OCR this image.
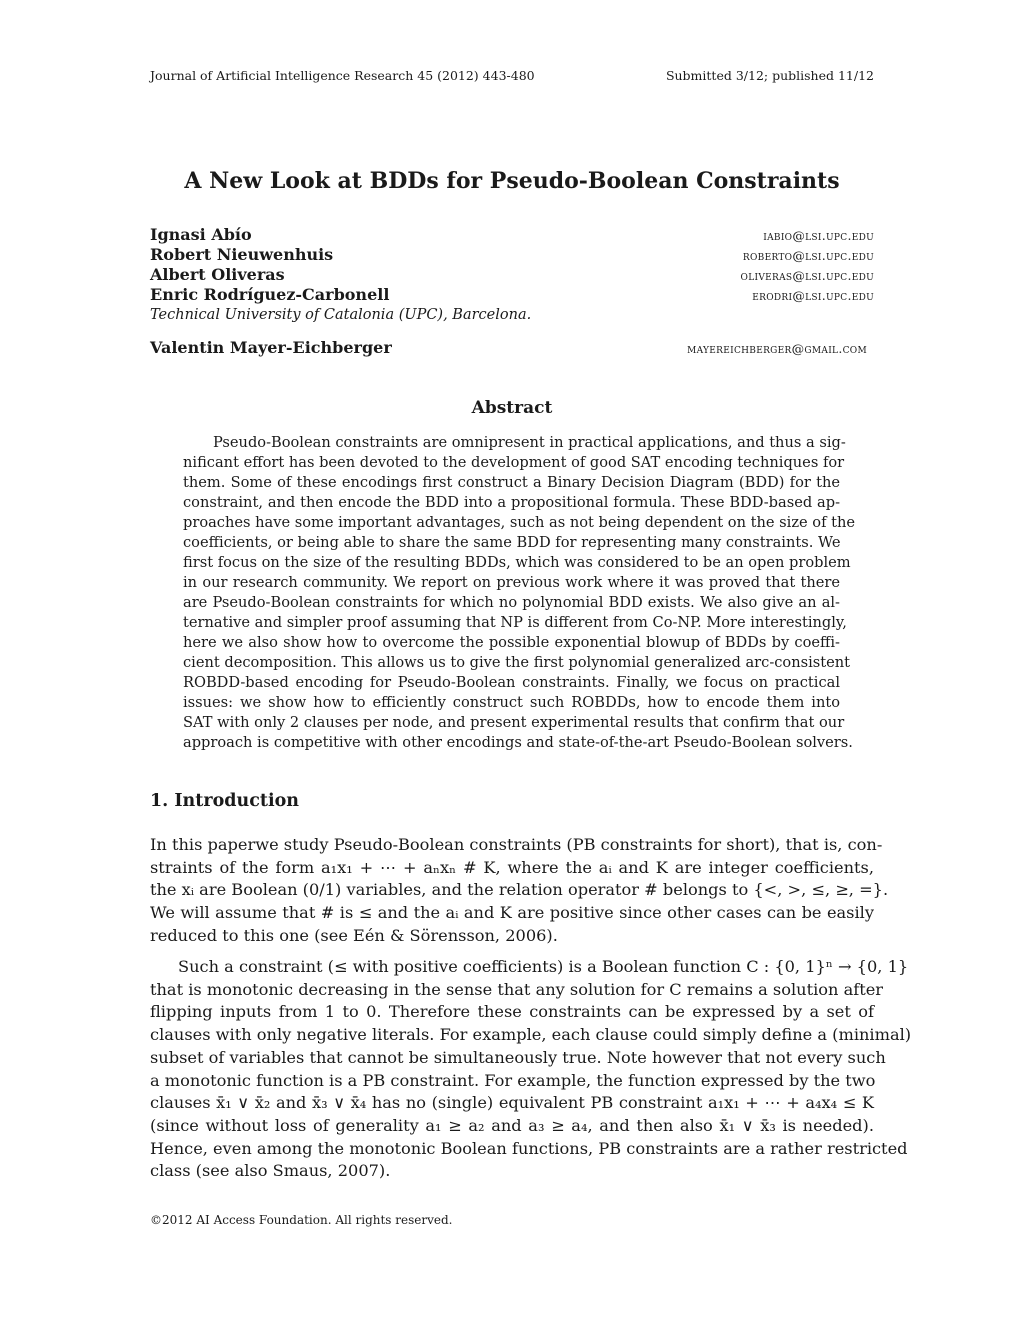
Journal of Artificial Intelligence Research 45 (2012) 443-480	Submitted 3/12; published 11/12
A New Look at BDDs for Pseudo-Boolean Constraints
Ignasi Abío	iabio@lsi.upc.edu
Robert Nieuwenhuis	roberto@lsi.upc.edu
Albert Oliveras	oliveras@lsi.upc.edu
Enric Rodríguez-Carbonell	erodri@lsi.upc.edu
Technical University of Catalonia (UPC), Barcelona.
Valentin Mayer-Eichberger	mayereichberger@gmail.com
Abstract
Pseudo-Boolean constraints are omnipresent in practical applications, and thus a sig-
nificant effort has been devoted to the development of good SAT encoding techniques for
them. Some of these encodings first construct a Binary Decision Diagram (BDD) for the
constraint, and then encode the BDD into a propositional formula. These BDD-based ap-
proaches have some important advantages, such as not being dependent on the size of the
coefficients, or being able to share the same BDD for representing many constraints. We
first focus on the size of the resulting BDDs, which was considered to be an open problem
in our research community. We report on previous work where it was proved that there
are Pseudo-Boolean constraints for which no polynomial BDD exists. We also give an al-
ternative and simpler proof assuming that NP is different from Co-NP. More interestingly,
here we also show how to overcome the possible exponential blowup of BDDs by coeffi-
cient decomposition. This allows us to give the first polynomial generalized arc-consistent
ROBDD-based encoding for Pseudo-Boolean constraints. Finally, we focus on practical
issues: we show how to efficiently construct such ROBDDs, how to encode them into
SAT with only 2 clauses per node, and present experimental results that confirm that our
approach is competitive with other encodings and state-of-the-art Pseudo-Boolean solvers.
1. Introduction
In this paperwe study Pseudo-Boolean constraints (PB constraints for short), that is, con-
straints of the form a₁x₁ + ⋯ + aₙxₙ # K, where the aᵢ and K are integer coefficients,
the xᵢ are Boolean (0/1) variables, and the relation operator # belongs to {<, >, ≤, ≥, =}.
We will assume that # is ≤ and the aᵢ and K are positive since other cases can be easily
reduced to this one (see Eén & Sörensson, 2006).
Such a constraint (≤ with positive coefficients) is a Boolean function C : {0, 1}ⁿ → {0, 1}
that is monotonic decreasing in the sense that any solution for C remains a solution after
flipping inputs from 1 to 0. Therefore these constraints can be expressed by a set of
clauses with only negative literals. For example, each clause could simply define a (minimal)
subset of variables that cannot be simultaneously true. Note however that not every such
a monotonic function is a PB constraint. For example, the function expressed by the two
clauses x̄₁ ∨ x̄₂ and x̄₃ ∨ x̄₄ has no (single) equivalent PB constraint a₁x₁ + ⋯ + a₄x₄ ≤ K
(since without loss of generality a₁ ≥ a₂ and a₃ ≥ a₄, and then also x̄₁ ∨ x̄₃ is needed).
Hence, even among the monotonic Boolean functions, PB constraints are a rather restricted
class (see also Smaus, 2007).
©2012 AI Access Foundation. All rights reserved.
